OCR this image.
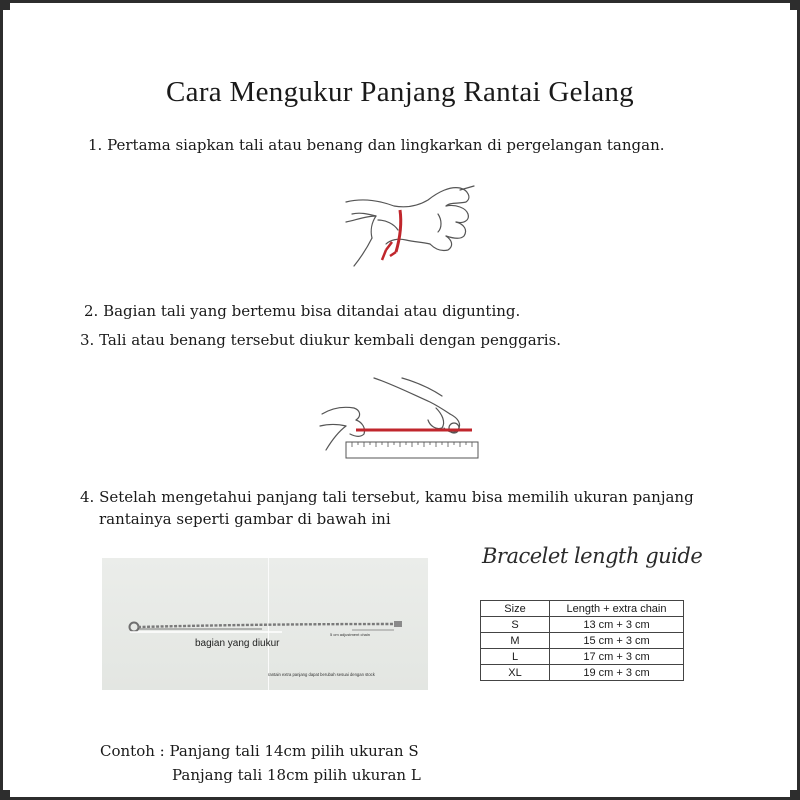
Cara Mengukur Panjang Rantai Gelang
1. Pertama siapkan tali atau benang dan lingkarkan di pergelangan tangan.
2. Bagian tali yang bertemu bisa ditandai atau digunting.
3. Tali atau benang tersebut diukur kembali dengan penggaris.
4. Setelah mengetahui panjang tali tersebut, kamu bisa memilih ukuran panjang
rantainya seperti gambar di bawah ini
bagian yang diukur
5 cm adjustment chain
rantain extra panjang dapat berubah sesuai dengan stock
Bracelet length guide
Size	Length + extra chain
S	13 cm + 3 cm
M	15 cm + 3 cm
L	17 cm + 3 cm
XL	19 cm + 3 cm
Contoh : Panjang tali 14cm pilih ukuran S
Panjang tali 18cm pilih ukuran L
